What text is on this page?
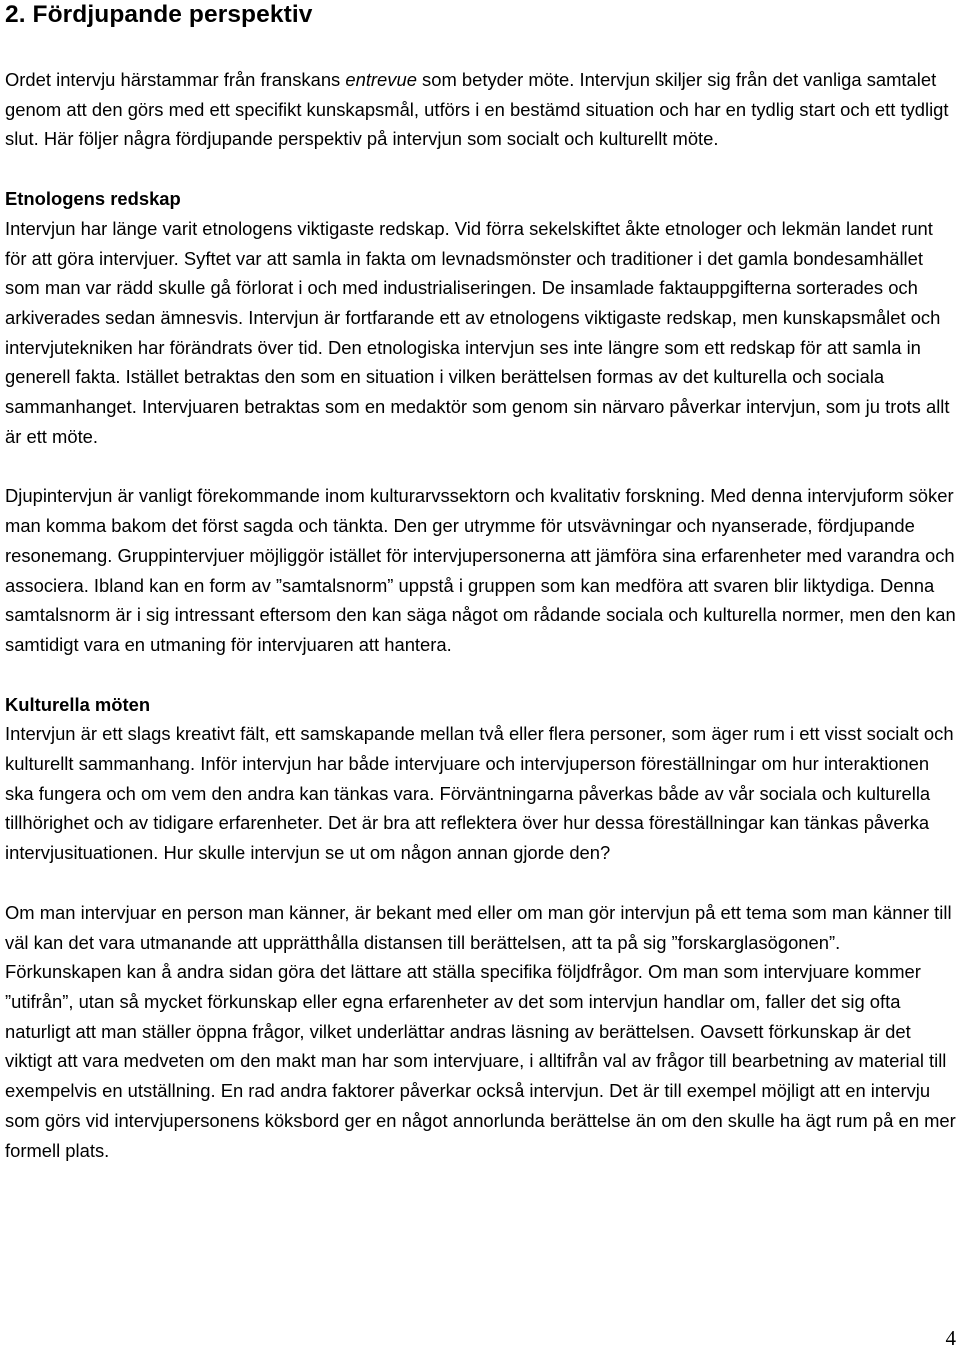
2. Fördjupande perspektiv

Ordet intervju härstammar från franskans entrevue som betyder möte. Intervjun skiljer sig från det vanliga samtalet genom att den görs med ett specifikt kunskapsmål, utförs i en bestämd situation och har en tydlig start och ett tydligt slut. Här följer några fördjupande perspektiv på intervjun som socialt och kulturellt möte.

Etnologens redskap

Intervjun har länge varit etnologens viktigaste redskap. Vid förra sekelskiftet åkte etnologer och lekmän landet runt för att göra intervjuer. Syftet var att samla in fakta om levnadsmönster och traditioner i det gamla bondesamhället som man var rädd skulle gå förlorat i och med industrialiseringen. De insamlade faktauppgifterna sorterades och arkiverades sedan ämnesvis. Intervjun är fortfarande ett av etnologens viktigaste redskap, men kunskapsmålet och intervjutekniken har förändrats över tid. Den etnologiska intervjun ses inte längre som ett redskap för att samla in generell fakta. Istället betraktas den som en situation i vilken berättelsen formas av det kulturella och sociala sammanhanget. Intervjuaren betraktas som en medaktör som genom sin närvaro påverkar intervjun, som ju trots allt är ett möte.

Djupintervjun är vanligt förekommande inom kulturarvssektorn och kvalitativ forskning. Med denna intervjuform söker man komma bakom det först sagda och tänkta. Den ger utrymme för utsvävningar och nyanserade, fördjupande resonemang. Gruppintervjuer möjliggör istället för intervjupersonerna att jämföra sina erfarenheter med varandra och associera. Ibland kan en form av ”samtalsnorm” uppstå i gruppen som kan medföra att svaren blir liktydiga. Denna samtalsnorm är i sig intressant eftersom den kan säga något om rådande sociala och kulturella normer, men den kan samtidigt vara en utmaning för intervjuaren att hantera.

Kulturella möten

Intervjun är ett slags kreativt fält, ett samskapande mellan två eller flera personer, som äger rum i ett visst socialt och kulturellt sammanhang. Inför intervjun har både intervjuare och intervjuperson föreställningar om hur interaktionen ska fungera och om vem den andra kan tänkas vara. Förväntningarna påverkas både av vår sociala och kulturella tillhörighet och av tidigare erfarenheter. Det är bra att reflektera över hur dessa föreställningar kan tänkas påverka intervjusituationen. Hur skulle intervjun se ut om någon annan gjorde den?

Om man intervjuar en person man känner, är bekant med eller om man gör intervjun på ett tema som man känner till väl kan det vara utmanande att upprätthålla distansen till berättelsen, att ta på sig ”forskarglasögonen”. Förkunskapen kan å andra sidan göra det lättare att ställa specifika följdfrågor. Om man som intervjuare kommer ”utifrån”, utan så mycket förkunskap eller egna erfarenheter av det som intervjun handlar om, faller det sig ofta naturligt att man ställer öppna frågor, vilket underlättar andras läsning av berättelsen. Oavsett förkunskap är det viktigt att vara medveten om den makt man har som intervjuare, i alltifrån val av frågor till bearbetning av material till exempelvis en utställning. En rad andra faktorer påverkar också intervjun. Det är till exempel möjligt att en intervju som görs vid intervjupersonens köksbord ger en något annorlunda berättelse än om den skulle ha ägt rum på en mer formell plats.

4
